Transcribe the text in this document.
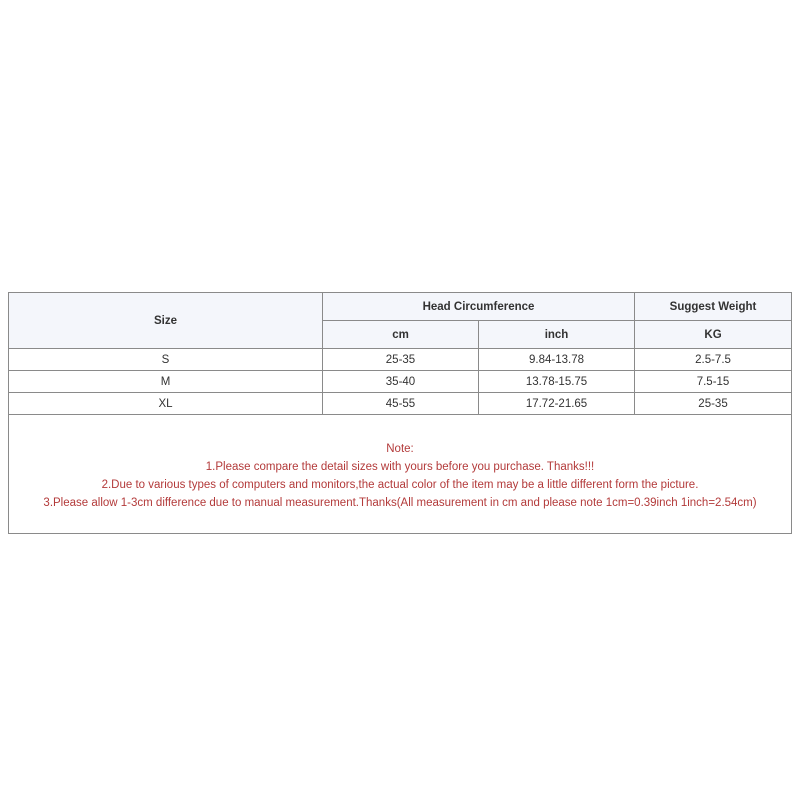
Size	Head Circumference		Suggest Weight
	cm	inch	KG
S	25-35	9.84-13.78	2.5-7.5
M	35-40	13.78-15.75	7.5-15
XL	45-55	17.72-21.65	25-35

Note:
1.Please compare the detail sizes with yours before you purchase. Thanks!!!
2.Due to various types of computers and monitors,the actual color of the item may be a little different form the picture.
3.Please allow 1-3cm difference due to manual measurement.Thanks(All measurement in cm and please note 1cm=0.39inch 1inch=2.54cm)			
